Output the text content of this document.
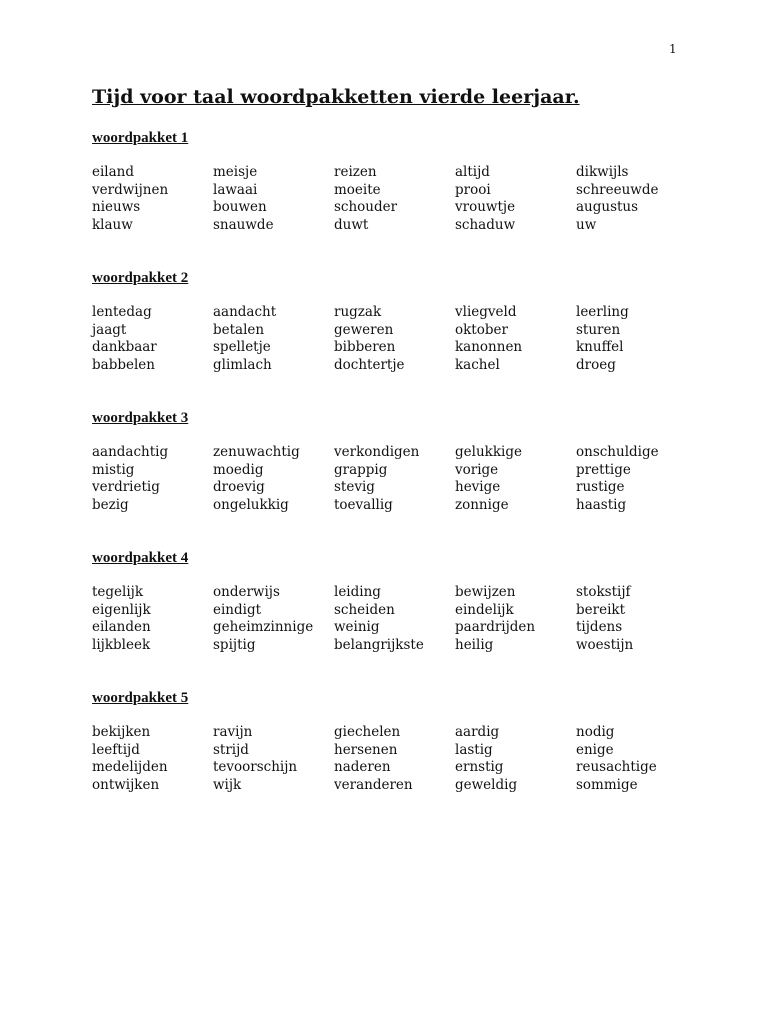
1
Tijd voor taal woordpakketten vierde leerjaar.
woordpakket 1
eiland	meisje	reizen	altijd	dikwijls
verdwijnen	lawaai	moeite	prooi	schreeuwde
nieuws	bouwen	schouder	vrouwtje	augustus
klauw	snauwde	duwt	schaduw	uw
woordpakket 2
lentedag	aandacht	rugzak	vliegveld	leerling
jaagt	betalen	geweren	oktober	sturen
dankbaar	spelletje	bibberen	kanonnen	knuffel
babbelen	glimlach	dochtertje	kachel	droeg
woordpakket 3
aandachtig	zenuwachtig	verkondigen	gelukkige	onschuldige
mistig	moedig	grappig	vorige	prettige
verdrietig	droevig	stevig	hevige	rustige
bezig	ongelukkig	toevallig	zonnige	haastig
woordpakket 4
tegelijk	onderwijs	leiding	bewijzen	stokstijf
eigenlijk	eindigt	scheiden	eindelijk	bereikt
eilanden	geheimzinnige	weinig	paardrijden	tijdens
lijkbleek	spijtig	belangrijkste	heilig	woestijn
woordpakket 5
bekijken	ravijn	giechelen	aardig	nodig
leeftijd	strijd	hersenen	lastig	enige
medelijden	tevoorschijn	naderen	ernstig	reusachtige
ontwijken	wijk	veranderen	geweldig	sommige
